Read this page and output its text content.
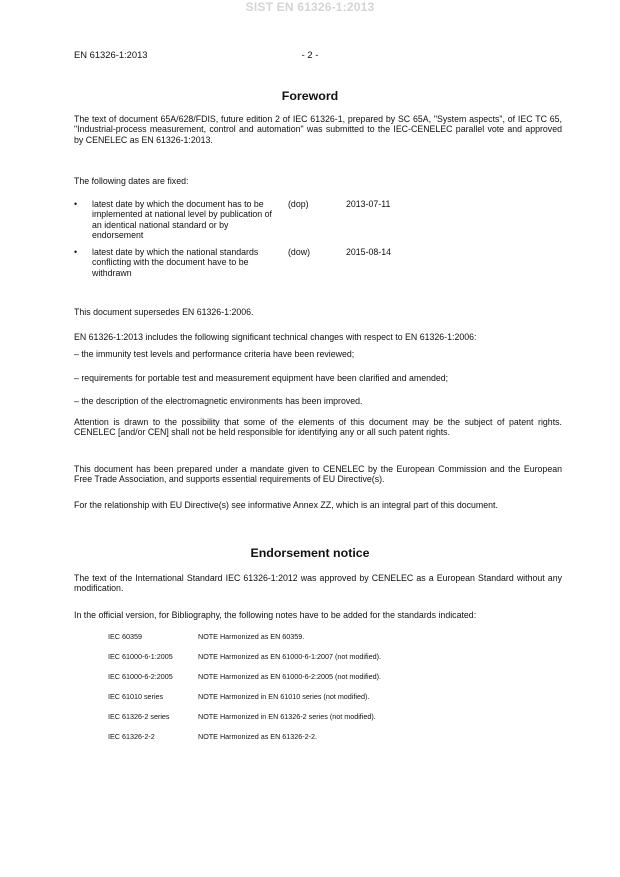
SIST EN 61326-1:2013
EN 61326-1:2013	- 2 -
Foreword

The text of document 65A/628/FDIS, future edition 2 of IEC 61326-1, prepared by SC 65A, "System aspects", of IEC TC 65, "Industrial-process measurement, control and automation" was submitted to the IEC-CENELEC parallel vote and approved by CENELEC as EN 61326-1:2013.

The following dates are fixed:

• latest date by which the document has to be implemented at national level by publication of an identical national standard or by endorsement
(dop)	2013-07-11
• latest date by which the national standards conflicting with the document have to be withdrawn
(dow)	2015-08-14

This document supersedes EN 61326-1:2006.

EN 61326-1:2013 includes the following significant technical changes with respect to EN 61326-1:2006:

– the immunity test levels and performance criteria have been reviewed;

– requirements for portable test and measurement equipment have been clarified and amended;

– the description of the electromagnetic environments has been improved.

Attention is drawn to the possibility that some of the elements of this document may be the subject of patent rights. CENELEC [and/or CEN] shall not be held responsible for identifying any or all such patent rights.

This document has been prepared under a mandate given to CENELEC by the European Commission and the European Free Trade Association, and supports essential requirements of EU Directive(s).

For the relationship with EU Directive(s) see informative Annex ZZ, which is an integral part of this document.

Endorsement notice

The text of the International Standard IEC 61326-1:2012 was approved by CENELEC as a European Standard without any modification.

In the official version, for Bibliography, the following notes have to be added for the standards indicated:

IEC 60359	NOTE Harmonized as EN 60359.
IEC 61000-6-1:2005	NOTE Harmonized as EN 61000-6-1:2007 (not modified).
IEC 61000-6-2:2005	NOTE Harmonized as EN 61000-6-2:2005 (not modified).
IEC 61010 series	NOTE Harmonized in EN 61010 series (not modified).
IEC 61326-2 series	NOTE Harmonized in EN 61326-2 series (not modified).
IEC 61326-2-2	NOTE Harmonized as EN 61326-2-2.
